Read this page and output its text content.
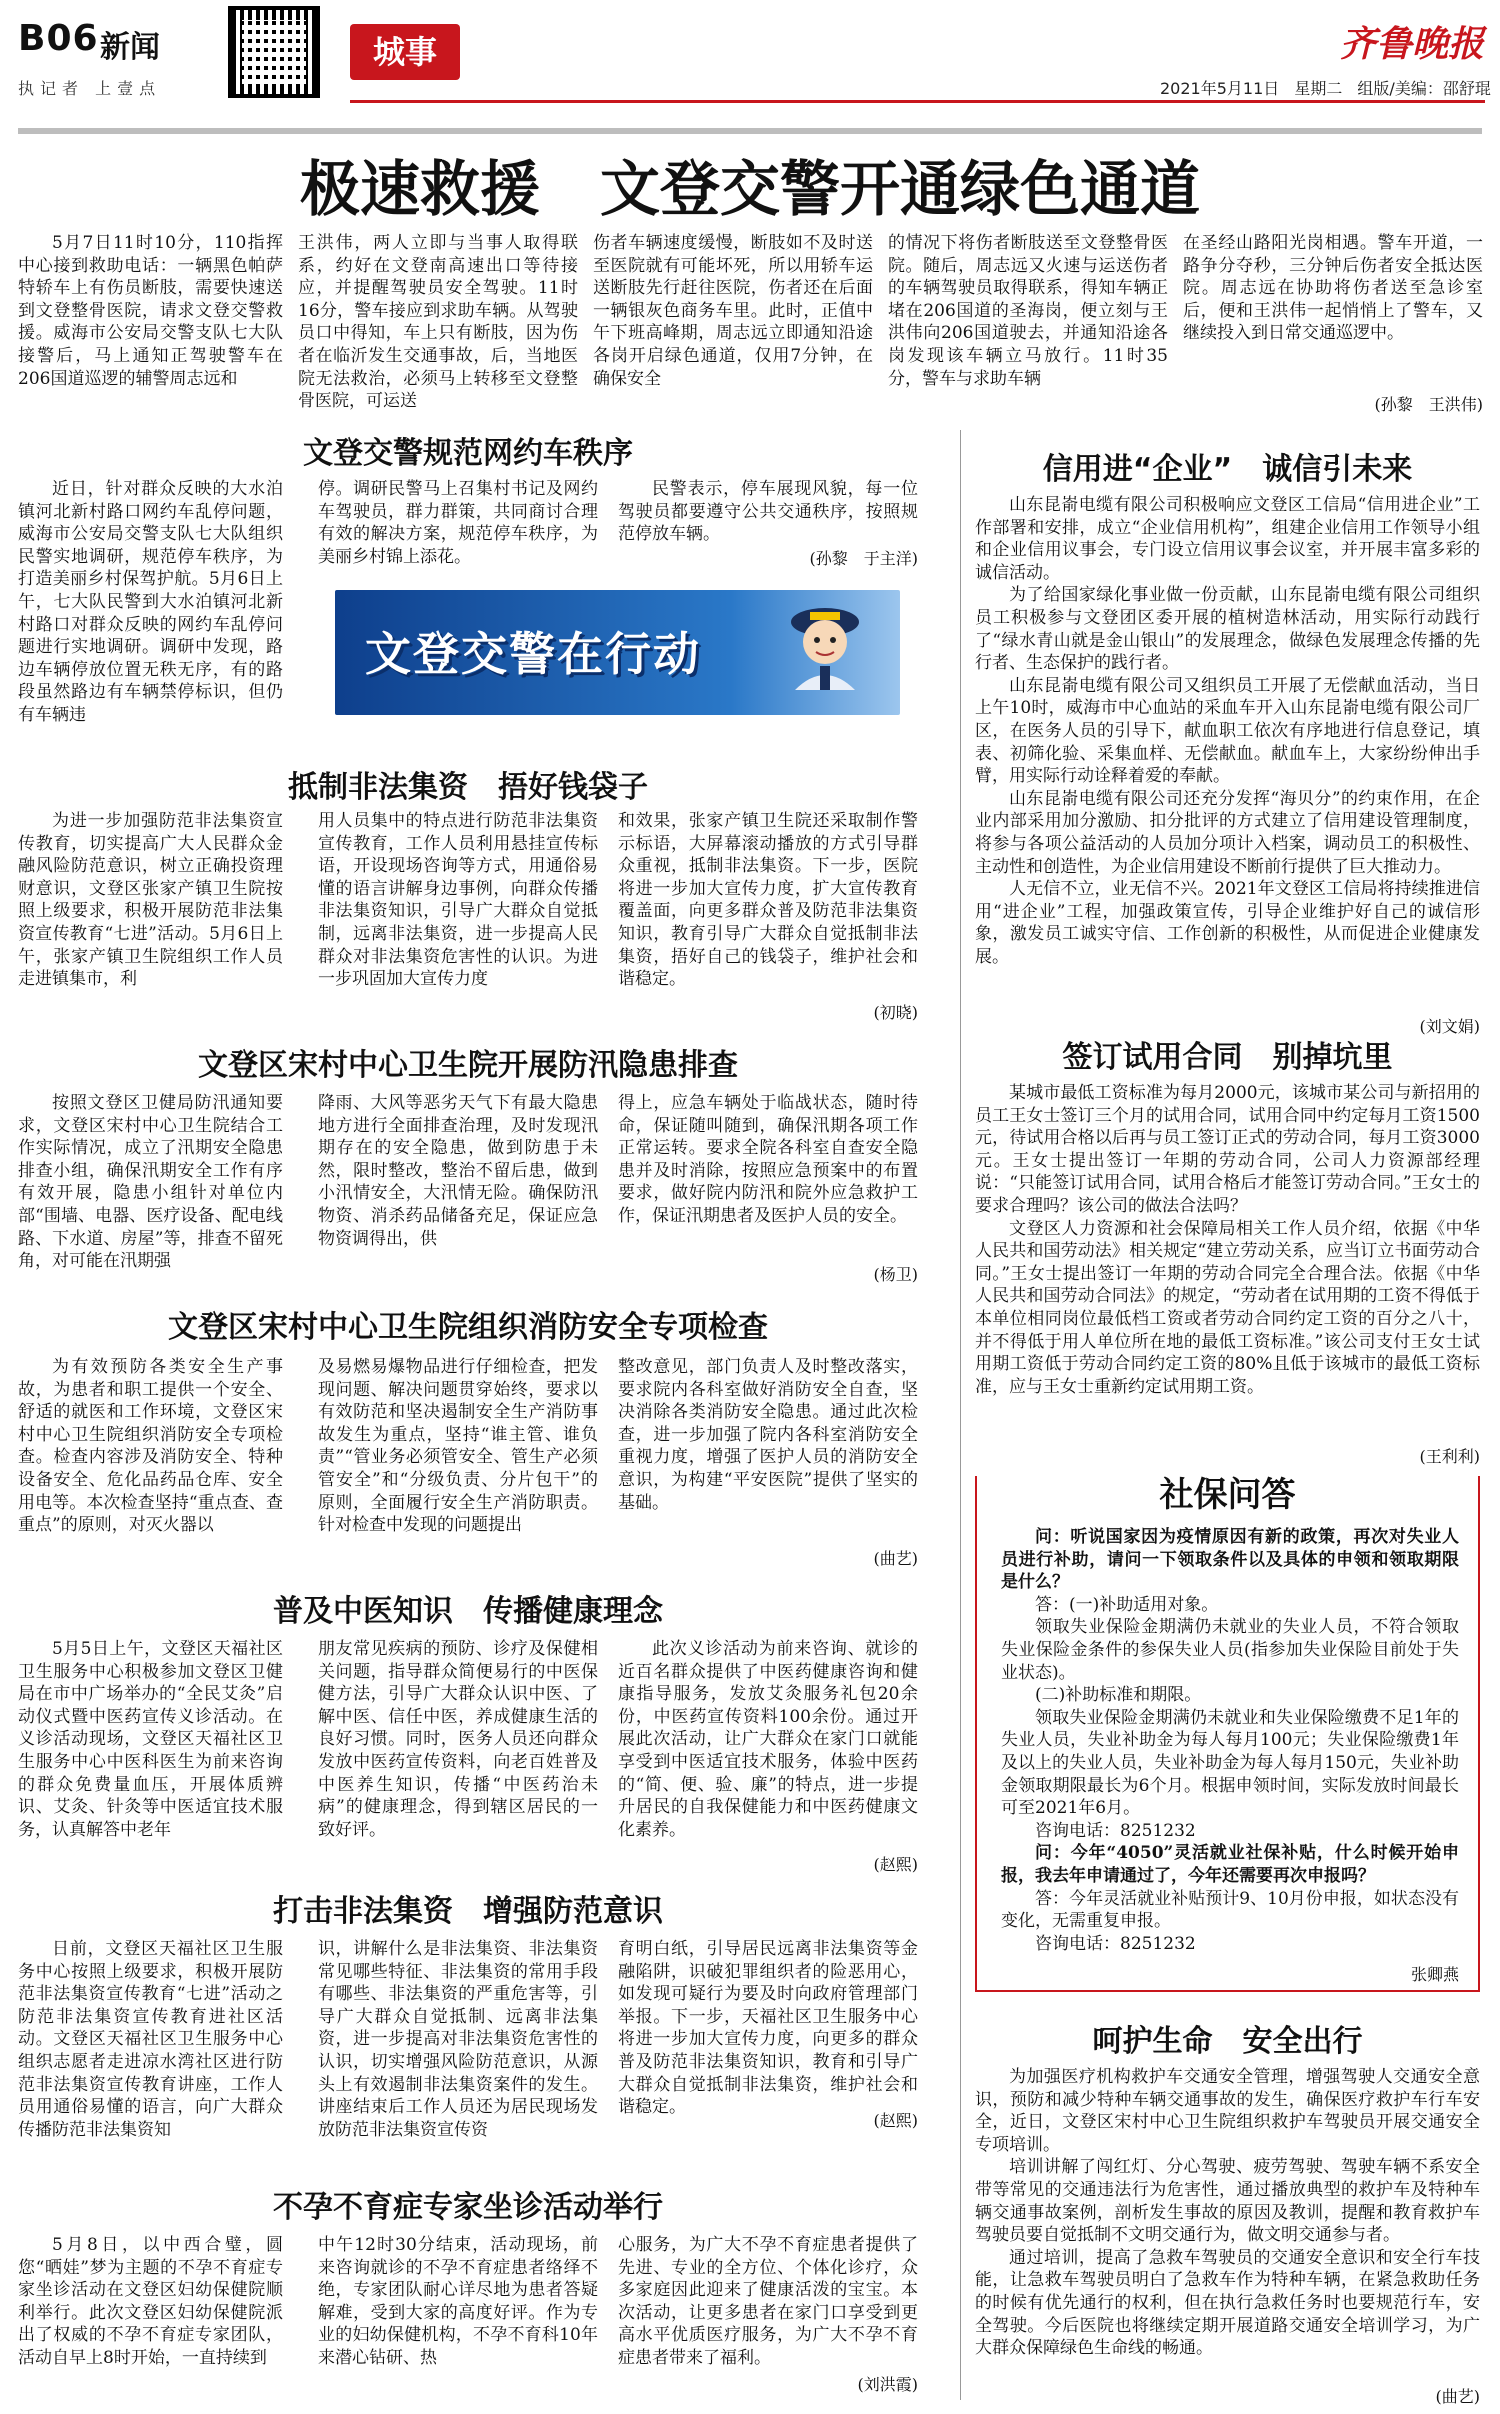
B06 新闻
执记者 上壹点
城事	齐鲁晚报
2021年5月11日 星期二 组版/美编：邵舒琨
极速救援　文登交警开通绿色通道
5月7日11时10分，110指挥中心接到救助电话：一辆黑色帕萨特轿车上有伤员断肢，需要快速送到文登整骨医院，请求文登交警救援。威海市公安局交警支队七大队接警后，马上通知正驾驶警车在206国道巡逻的辅警周志远和
王洪伟，两人立即与当事人取得联系，约好在文登南高速出口等待接应，并提醒驾驶员安全驾驶。11时16分，警车接应到求助车辆。从驾驶员口中得知，车上只有断肢，因为伤者在临沂发生交通事故，后，当地医院无法救治，必须马上转移至文登整骨医院，可运送
伤者车辆速度缓慢，断肢如不及时送至医院就有可能坏死，所以用轿车运送断肢先行赶往医院，伤者还在后面一辆银灰色商务车里。此时，正值中午下班高峰期，周志远立即通知沿途各岗开启绿色通道，仅用7分钟，在确保安全
的情况下将伤者断肢送至文登整骨医院。随后，周志远又火速与运送伤者的车辆驾驶员取得联系，得知车辆正堵在206国道的圣海岗，便立刻与王洪伟向206国道驶去，并通知沿途各岗发现该车辆立马放行。11时35分，警车与求助车辆
在圣经山路阳光岗相遇。警车开道，一路争分夺秒，三分钟后伤者安全抵达医院。周志远在协助将伤者送至急诊室后，便和王洪伟一起悄悄上了警车，又继续投入到日常交通巡逻中。
(孙黎　王洪伟)
文登交警规范网约车秩序
近日，针对群众反映的大水泊镇河北新村路口网约车乱停问题，威海市公安局交警支队七大队组织民警实地调研，规范停车秩序，为打造美丽乡村保驾护航。5月6日上午，七大队民警到大水泊镇河北新村路口对群众反映的网约车乱停问题进行实地调研。调研中发现，路边车辆停放位置无秩无序，有的路段虽然路边有车辆禁停标识，但仍有车辆违
停。调研民警马上召集村书记及网约车驾驶员，群力群策，共同商讨合理有效的解决方案，规范停车秩序，为美丽乡村锦上添花。
民警表示，停车展现风貌，每一位驾驶员都要遵守公共交通秩序，按照规范停放车辆。
(孙黎　于主洋)
文登交警在行动
抵制非法集资　捂好钱袋子
为进一步加强防范非法集资宣传教育，切实提高广大人民群众金融风险防范意识，树立正确投资理财意识，文登区张家产镇卫生院按照上级要求，积极开展防范非法集资宣传教育“七进”活动。5月6日上午，张家产镇卫生院组织工作人员走进镇集市，利
用人员集中的特点进行防范非法集资宣传教育，工作人员利用悬挂宣传标语，开设现场咨询等方式，用通俗易懂的语言讲解身边事例，向群众传播非法集资知识，引导广大群众自觉抵制，远离非法集资，进一步提高人民群众对非法集资危害性的认识。为进一步巩固加大宣传力度
和效果，张家产镇卫生院还采取制作警示标语，大屏幕滚动播放的方式引导群众重视，抵制非法集资。下一步，医院将进一步加大宣传力度，扩大宣传教育覆盖面，向更多群众普及防范非法集资知识，教育引导广大群众自觉抵制非法集资，捂好自己的钱袋子，维护社会和谐稳定。
(初晓)
文登区宋村中心卫生院开展防汛隐患排查
按照文登区卫健局防汛通知要求，文登区宋村中心卫生院结合工作实际情况，成立了汛期安全隐患排查小组，确保汛期安全工作有序有效开展，隐患小组针对单位内部“围墙、电器、医疗设备、配电线路、下水道、房屋”等，排查不留死角，对可能在汛期强
降雨、大风等恶劣天气下有最大隐患地方进行全面排查治理，及时发现汛期存在的安全隐患，做到防患于未然，限时整改，整治不留后患，做到小汛情安全，大汛情无险。确保防汛物资、消杀药品储备充足，保证应急物资调得出，供
得上，应急车辆处于临战状态，随时待命，保证随叫随到，确保汛期各项工作正常运转。要求全院各科室自查安全隐患并及时消除，按照应急预案中的布置要求，做好院内防汛和院外应急救护工作，保证汛期患者及医护人员的安全。
(杨卫)
文登区宋村中心卫生院组织消防安全专项检查
为有效预防各类安全生产事故，为患者和职工提供一个安全、舒适的就医和工作环境，文登区宋村中心卫生院组织消防安全专项检查。检查内容涉及消防安全、特种设备安全、危化品药品仓库、安全用电等。本次检查坚持“重点查、查重点”的原则，对灭火器以
及易燃易爆物品进行仔细检查，把发现问题、解决问题贯穿始终，要求以有效防范和坚决遏制安全生产消防事故发生为重点，坚持“谁主管、谁负责”“管业务必须管安全、管生产必须管安全”和“分级负责、分片包干”的原则，全面履行安全生产消防职责。针对检查中发现的问题提出
整改意见，部门负责人及时整改落实，要求院内各科室做好消防安全自查，坚决消除各类消防安全隐患。通过此次检查，进一步加强了院内各科室消防安全重视力度，增强了医护人员的消防安全意识，为构建“平安医院”提供了坚实的基础。
(曲艺)
普及中医知识　传播健康理念
5月5日上午，文登区天福社区卫生服务中心积极参加文登区卫健局在市中广场举办的“全民艾灸”启动仪式暨中医药宣传义诊活动。在义诊活动现场，文登区天福社区卫生服务中心中医科医生为前来咨询的群众免费量血压，开展体质辨识、艾灸、针灸等中医适宜技术服务，认真解答中老年
朋友常见疾病的预防、诊疗及保健相关问题，指导群众简便易行的中医保健方法，引导广大群众认识中医、了解中医、信任中医，养成健康生活的良好习惯。同时，医务人员还向群众发放中医药宣传资料，向老百姓普及中医养生知识，传播“中医药治未病”的健康理念，得到辖区居民的一致好评。
此次义诊活动为前来咨询、就诊的近百名群众提供了中医药健康咨询和健康指导服务，发放艾灸服务礼包20余份，中医药宣传资料100余份。通过开展此次活动，让广大群众在家门口就能享受到中医适宜技术服务，体验中医药的“简、便、验、廉”的特点，进一步提升居民的自我保健能力和中医药健康文化素养。
(赵熙)
打击非法集资　增强防范意识
日前，文登区天福社区卫生服务中心按照上级要求，积极开展防范非法集资宣传教育“七进”活动之防范非法集资宣传教育进社区活动。文登区天福社区卫生服务中心组织志愿者走进凉水湾社区进行防范非法集资宣传教育讲座，工作人员用通俗易懂的语言，向广大群众传播防范非法集资知
识，讲解什么是非法集资、非法集资常见哪些特征、非法集资的常用手段有哪些、非法集资的严重危害等，引导广大群众自觉抵制、远离非法集资，进一步提高对非法集资危害性的认识，切实增强风险防范意识，从源头上有效遏制非法集资案件的发生。讲座结束后工作人员还为居民现场发放防范非法集资宣传资
育明白纸，引导居民远离非法集资等金融陷阱，识破犯罪组织者的险恶用心，如发现可疑行为要及时向政府管理部门举报。下一步，天福社区卫生服务中心将进一步加大宣传力度，向更多的群众普及防范非法集资知识，教育和引导广大群众自觉抵制非法集资，维护社会和谐稳定。
(赵熙)
不孕不育症专家坐诊活动举行
5月8日，以中西合璧，圆您“晒娃”梦为主题的不孕不育症专家坐诊活动在文登区妇幼保健院顺利举行。此次文登区妇幼保健院派出了权威的不孕不育症专家团队，活动自早上8时开始，一直持续到
中午12时30分结束，活动现场，前来咨询就诊的不孕不育症患者络绎不绝，专家团队耐心详尽地为患者答疑解难，受到大家的高度好评。作为专业的妇幼保健机构，不孕不育科10年来潜心钻研、热
心服务，为广大不孕不育症患者提供了先进、专业的全方位、个体化诊疗，众多家庭因此迎来了健康活泼的宝宝。本次活动，让更多患者在家门口享受到更高水平优质医疗服务，为广大不孕不育症患者带来了福利。
(刘洪霞)
信用进“企业”　诚信引未来

山东昆嵛电缆有限公司积极响应文登区工信局“信用进企业”工作部署和安排，成立“企业信用机构”，组建企业信用工作领导小组和企业信用议事会，专门设立信用议事会议室，并开展丰富多彩的诚信活动。

为了给国家绿化事业做一份贡献，山东昆嵛电缆有限公司组织员工积极参与文登团区委开展的植树造林活动，用实际行动践行了“绿水青山就是金山银山”的发展理念，做绿色发展理念传播的先行者、生态保护的践行者。

山东昆嵛电缆有限公司又组织员工开展了无偿献血活动，当日上午10时，威海市中心血站的采血车开入山东昆嵛电缆有限公司厂区，在医务人员的引导下，献血职工依次有序地进行信息登记，填表、初筛化验、采集血样、无偿献血。献血车上，大家纷纷伸出手臂，用实际行动诠释着爱的奉献。

山东昆嵛电缆有限公司还充分发挥“海贝分”的约束作用，在企业内部采用加分激励、扣分批评的方式建立了信用建设管理制度，将参与各项公益活动的人员加分项计入档案，调动员工的积极性、主动性和创造性，为企业信用建设不断前行提供了巨大推动力。

人无信不立，业无信不兴。2021年文登区工信局将持续推进信用“进企业”工程，加强政策宣传，引导企业维护好自己的诚信形象，激发员工诚实守信、工作创新的积极性，从而促进企业健康发展。

(刘文娟)
签订试用合同　别掉坑里

某城市最低工资标准为每月2000元，该城市某公司与新招用的员工王女士签订三个月的试用合同，试用合同中约定每月工资1500元，待试用合格以后再与员工签订正式的劳动合同，每月工资3000元。王女士提出签订一年期的劳动合同，公司人力资源部经理说：“只能签订试用合同，试用合格后才能签订劳动合同。”王女士的要求合理吗？该公司的做法合法吗？

文登区人力资源和社会保障局相关工作人员介绍，依据《中华人民共和国劳动法》相关规定“建立劳动关系，应当订立书面劳动合同。”王女士提出签订一年期的劳动合同完全合理合法。依据《中华人民共和国劳动合同法》的规定，“劳动者在试用期的工资不得低于本单位相同岗位最低档工资或者劳动合同约定工资的百分之八十，并不得低于用人单位所在地的最低工资标准。”该公司支付王女士试用期工资低于劳动合同约定工资的80%且低于该城市的最低工资标准，应与王女士重新约定试用期工资。

(王利利)
社保问答

问：听说国家因为疫情原因有新的政策，再次对失业人员进行补助，请问一下领取条件以及具体的申领和领取期限是什么？

答：(一)补助适用对象。

领取失业保险金期满仍未就业的失业人员，不符合领取失业保险金条件的参保失业人员(指参加失业保险目前处于失业状态)。

(二)补助标准和期限。

领取失业保险金期满仍未就业和失业保险缴费不足1年的失业人员，失业补助金为每人每月100元；失业保险缴费1年及以上的失业人员，失业补助金为每人每月150元，失业补助金领取期限最长为6个月。根据申领时间，实际发放时间最长可至2021年6月。

咨询电话：8251232

问：今年“4050”灵活就业社保补贴，什么时候开始申报，我去年申请通过了，今年还需要再次申报吗？

答：今年灵活就业补贴预计9、10月份申报，如状态没有变化，无需重复申报。

咨询电话：8251232

张卿燕
呵护生命　安全出行

为加强医疗机构救护车交通安全管理，增强驾驶人交通安全意识，预防和减少特种车辆交通事故的发生，确保医疗救护车行车安全，近日，文登区宋村中心卫生院组织救护车驾驶员开展交通安全专项培训。

培训讲解了闯红灯、分心驾驶、疲劳驾驶、驾驶车辆不系安全带等常见的交通违法行为危害性，通过播放典型的救护车及特种车辆交通事故案例，剖析发生事故的原因及教训，提醒和教育救护车驾驶员要自觉抵制不文明交通行为，做文明交通参与者。

通过培训，提高了急救车驾驶员的交通安全意识和安全行车技能，让急救车驾驶员明白了急救车作为特种车辆，在紧急救助任务的时候有优先通行的权利，但在执行急救任务时也要规范行车，安全驾驶。今后医院也将继续定期开展道路交通安全培训学习，为广大群众保障绿色生命线的畅通。

(曲艺)
